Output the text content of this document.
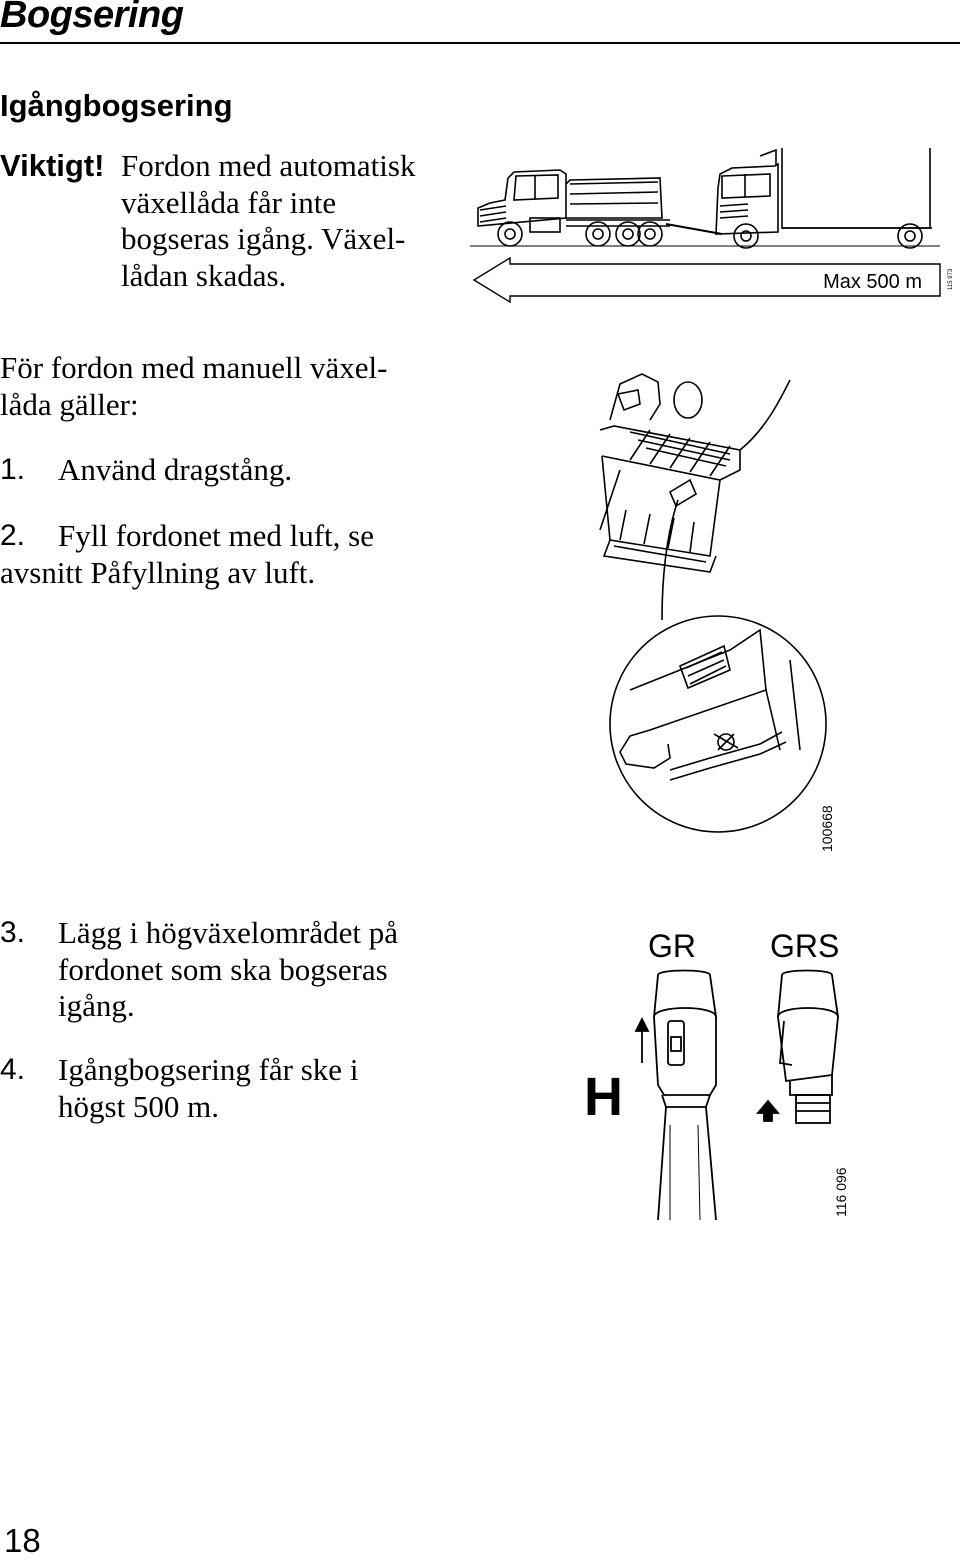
Bogsering
Igångbogsering
Viktigt! Fordon med automatisk
växellåda får inte
bogseras igång. Växel-
lådan skadas.	Max 500 m	115 973
För fordon med manuell växel-
låda gäller:
1.	Använd dragstång.
2.	Fyll fordonet med luft, se
avsnitt Påfyllning av luft.
100668
3.	Lägg i högväxelområdet på
fordonet som ska bogseras
igång.
4.	Igångbogsering får ske i
högst 500 m.
GR GRS
H
116 096
18
